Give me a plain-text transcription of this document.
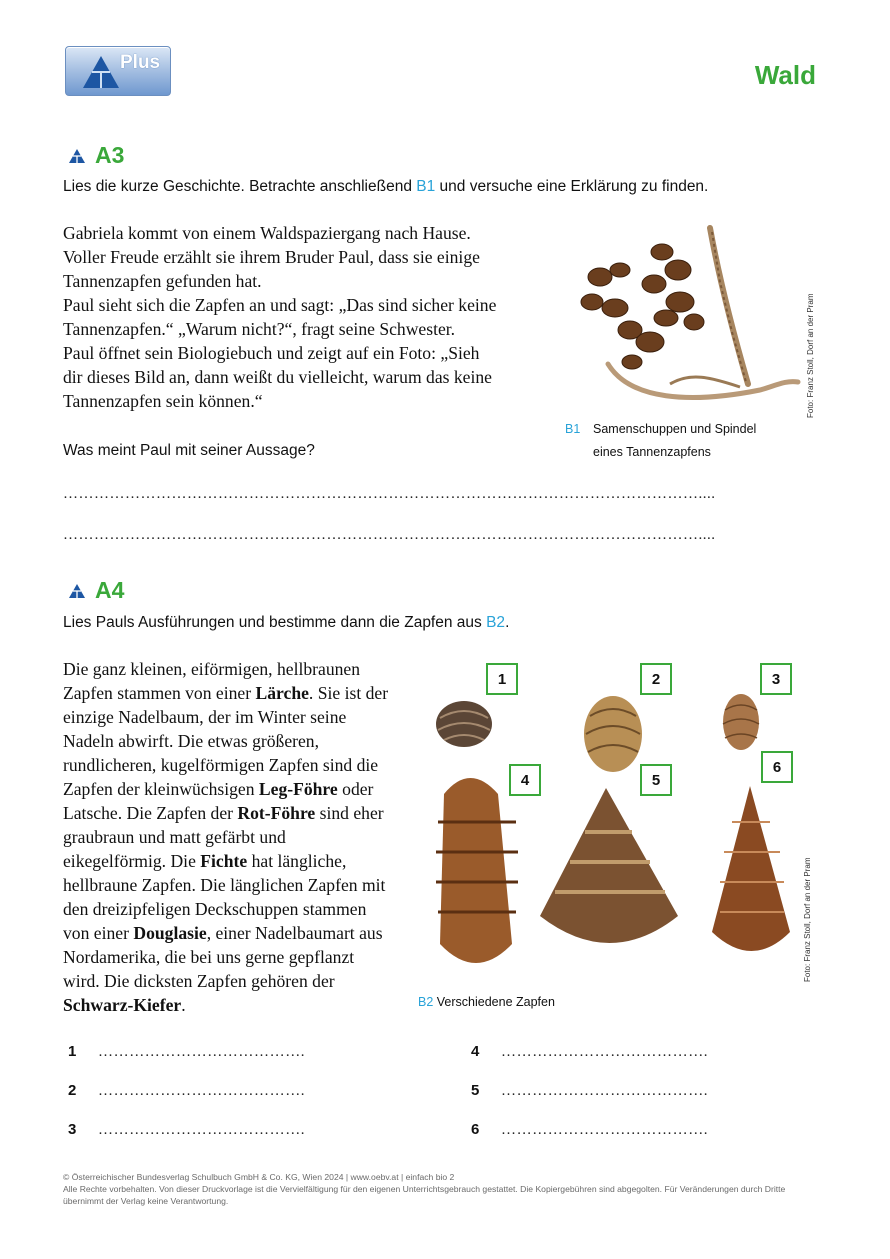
Plus	Wald
A3
Lies die kurze Geschichte. Betrachte anschließend B1 und versuche eine Erklärung zu finden.

Gabriela kommt von einem Waldspaziergang nach Hause.

Voller Freude erzählt sie ihrem Bruder Paul, dass sie einige

Tannenzapfen gefunden hat.

Paul sieht sich die Zapfen an und sagt: „Das sind sicher keine

Tannenzapfen.“ „Warum nicht?“, fragt seine Schwester.

Paul öffnet sein Biologiebuch und zeigt auf ein Foto: „Sieh

dir dieses Bild an, dann weißt du vielleicht, warum das keine

Tannenzapfen sein können.“

Was meint Paul mit seiner Aussage?
……………………………………………………………………………………………………………....
……………………………………………………………………………………………………………....
Foto: Franz Stoll, Dorf an der Pram
B1 Samenschuppen und Spindel
eines Tannenzapfens
A4
Lies Pauls Ausführungen und bestimme dann die Zapfen aus B2.
Die ganz kleinen, eiförmigen, hellbraunen Zapfen stammen von einer Lärche. Sie ist der einzige Nadelbaum, der im Winter seine Nadeln abwirft. Die etwas größeren, rundlicheren, kugelförmigen Zapfen sind die Zapfen der kleinwüchsigen Leg-Föhre oder Latsche. Die Zapfen der Rot-Föhre sind eher graubraun und matt gefärbt und eikegelförmig. Die Fichte hat längliche, hellbraune Zapfen. Die länglichen Zapfen mit den dreizipfeligen Deckschuppen stammen von einer Douglasie, einer Nadelbaumart aus Nordamerika, die bei uns gerne gepflanzt wird. Die dicksten Zapfen gehören der Schwarz-Kiefer.
1	2	3
4	5
6
Foto: Franz Stoll, Dorf an der Pram
B2 Verschiedene Zapfen
1 ………………………………….
2 ………………………………….
3 ………………………………….
4 ………………………………….
5 ………………………………….
6 ………………………………….

© Österreichischer Bundesverlag Schulbuch GmbH & Co. KG, Wien 2024 | www.oebv.at | einfach bio 2

Alle Rechte vorbehalten. Von dieser Druckvorlage ist die Vervielfältigung für den eigenen Unterrichtsgebrauch gestattet. Die Kopiergebühren sind abgegolten. Für Veränderungen durch Dritte übernimmt der Verlag keine Verantwortung.
